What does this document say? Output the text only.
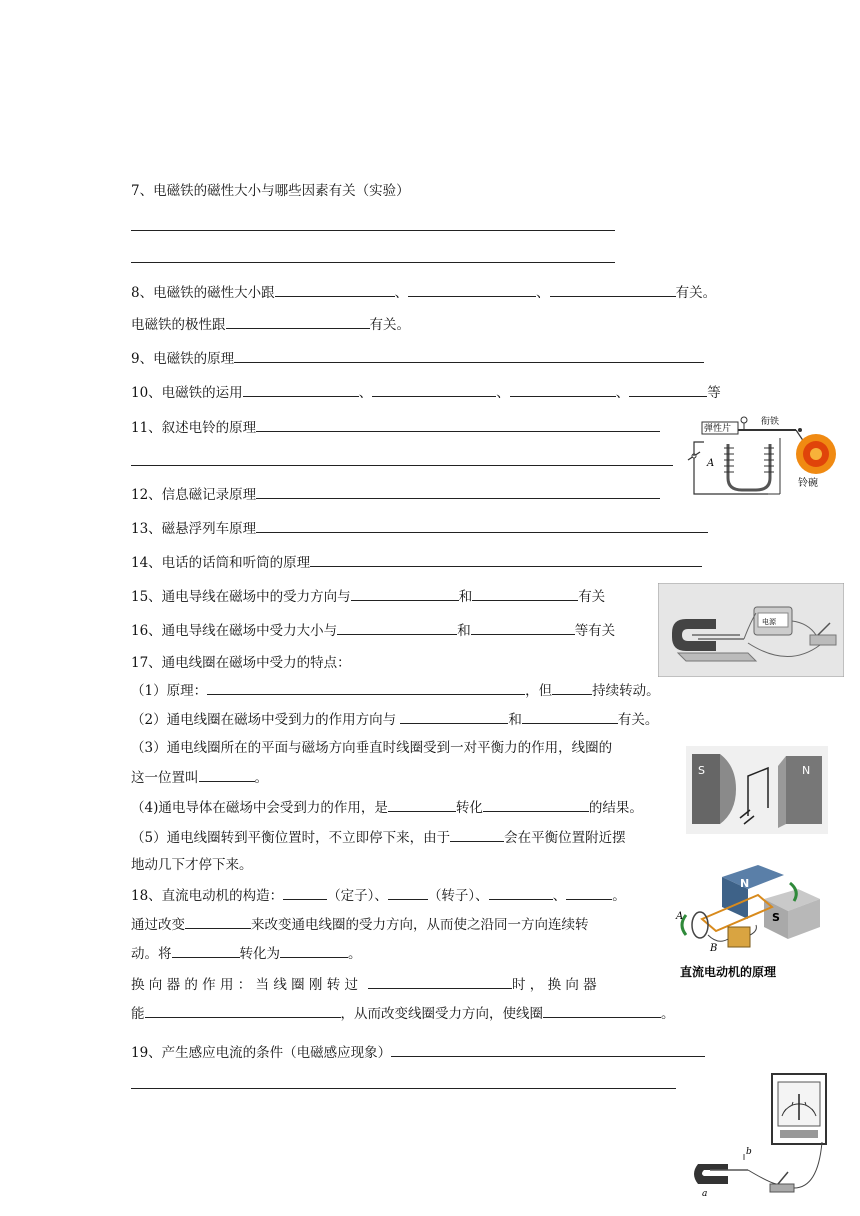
7、电磁铁的磁性大小与哪些因素有关（实验）
8、电磁铁的磁性大小跟	、	、	有关。
电磁铁的极性跟	有关。
9、电磁铁的原理
10、电磁铁的运用	、	、	、	等
11、叙述电铃的原理
12、信息磁记录原理
13、磁悬浮列车原理
14、电话的话筒和听筒的原理
15、通电导线在磁场中的受力方向与	和	有关
16、通电导线在磁场中受力大小与	和	等有关
17、通电线圈在磁场中受力的特点：
（1）原理：	，但	持续转动。
（2）通电线圈在磁场中受到力的作用方向与	和	有关。
（3）通电线圈所在的平面与磁场方向垂直时线圈受到一对平衡力的作用，线圈的
这一位置叫	。
（4)通电导体在磁场中会受到力的作用，是	转化	的结果。
（5）通电线圈转到平衡位置时，不立即停下来，由于	会在平衡位置附近摆
地动几下才停下来。
18、直流电动机的构造：	（定子）、	（转子）、	、	。
通过改变	来改变通电线圈的受力方向，从而使之沿同一方向连续转
动。将	转化为	。
换 向 器 的 作 用 ： 当 线 圈 刚 转 过	时 ， 换 向 器
能	，从而改变线圈受力方向，使线圈	。
19、产生感应电流的条件（电磁感应现象）
弹性片
衔铁
A
铃碗
电源
S	N
N
S
A
B
直流电动机的原理
b
a
